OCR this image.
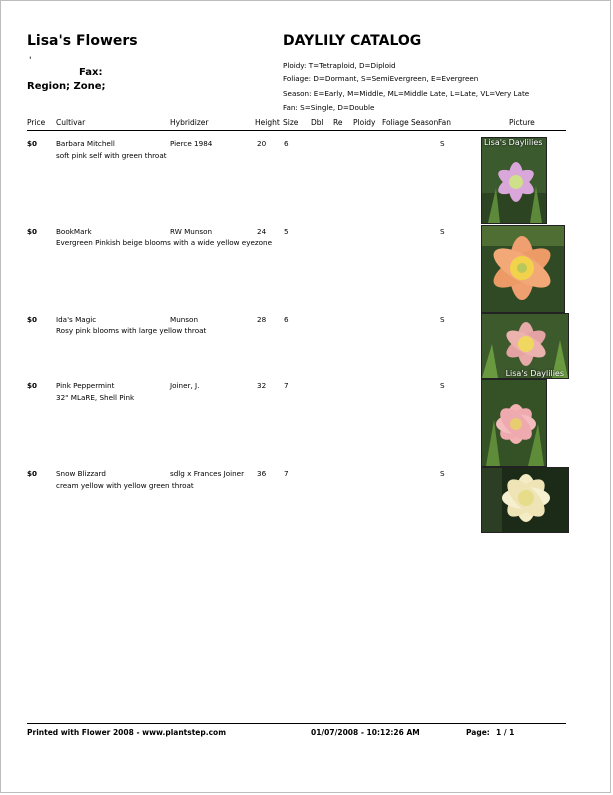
Lisa's Flowers
'
Fax:
Region; Zone;
DAYLILY CATALOG
Ploidy: T=Tetraploid, D=Diploid
Foliage: D=Dormant, S=SemiEvergreen, E=Evergreen
Season: E=Early, M=Middle, ML=Middle Late, L=Late, VL=Very Late
Fan: S=Single, D=Double
Price Cultivar	Hybridizer	Height Size Dbl Re Ploidy Foliage Season Fan	Picture
$0	Barbara Mitchell	Pierce 1984	20 6	S
soft pink self with green throat
Lisa's Daylilies
$0	BookMark	RW Munson	24 5	S
Evergreen Pinkish beige blooms with a wide yellow eyezone
$0	Ida's Magic	Munson	28 6	S
Rosy pink blooms with large yellow throat
Lisa's Daylilies
$0	Pink Peppermint	Joiner, J.	32 7	S
32" MLaRE, Shell Pink
$0	Snow Blizzard	sdlg x Frances Joiner 36 7	S
cream yellow with yellow green throat
Printed with Flower 2008 - www.plantstep.com	01/07/2008 - 10:12:26 AM	Page: 1 / 1
